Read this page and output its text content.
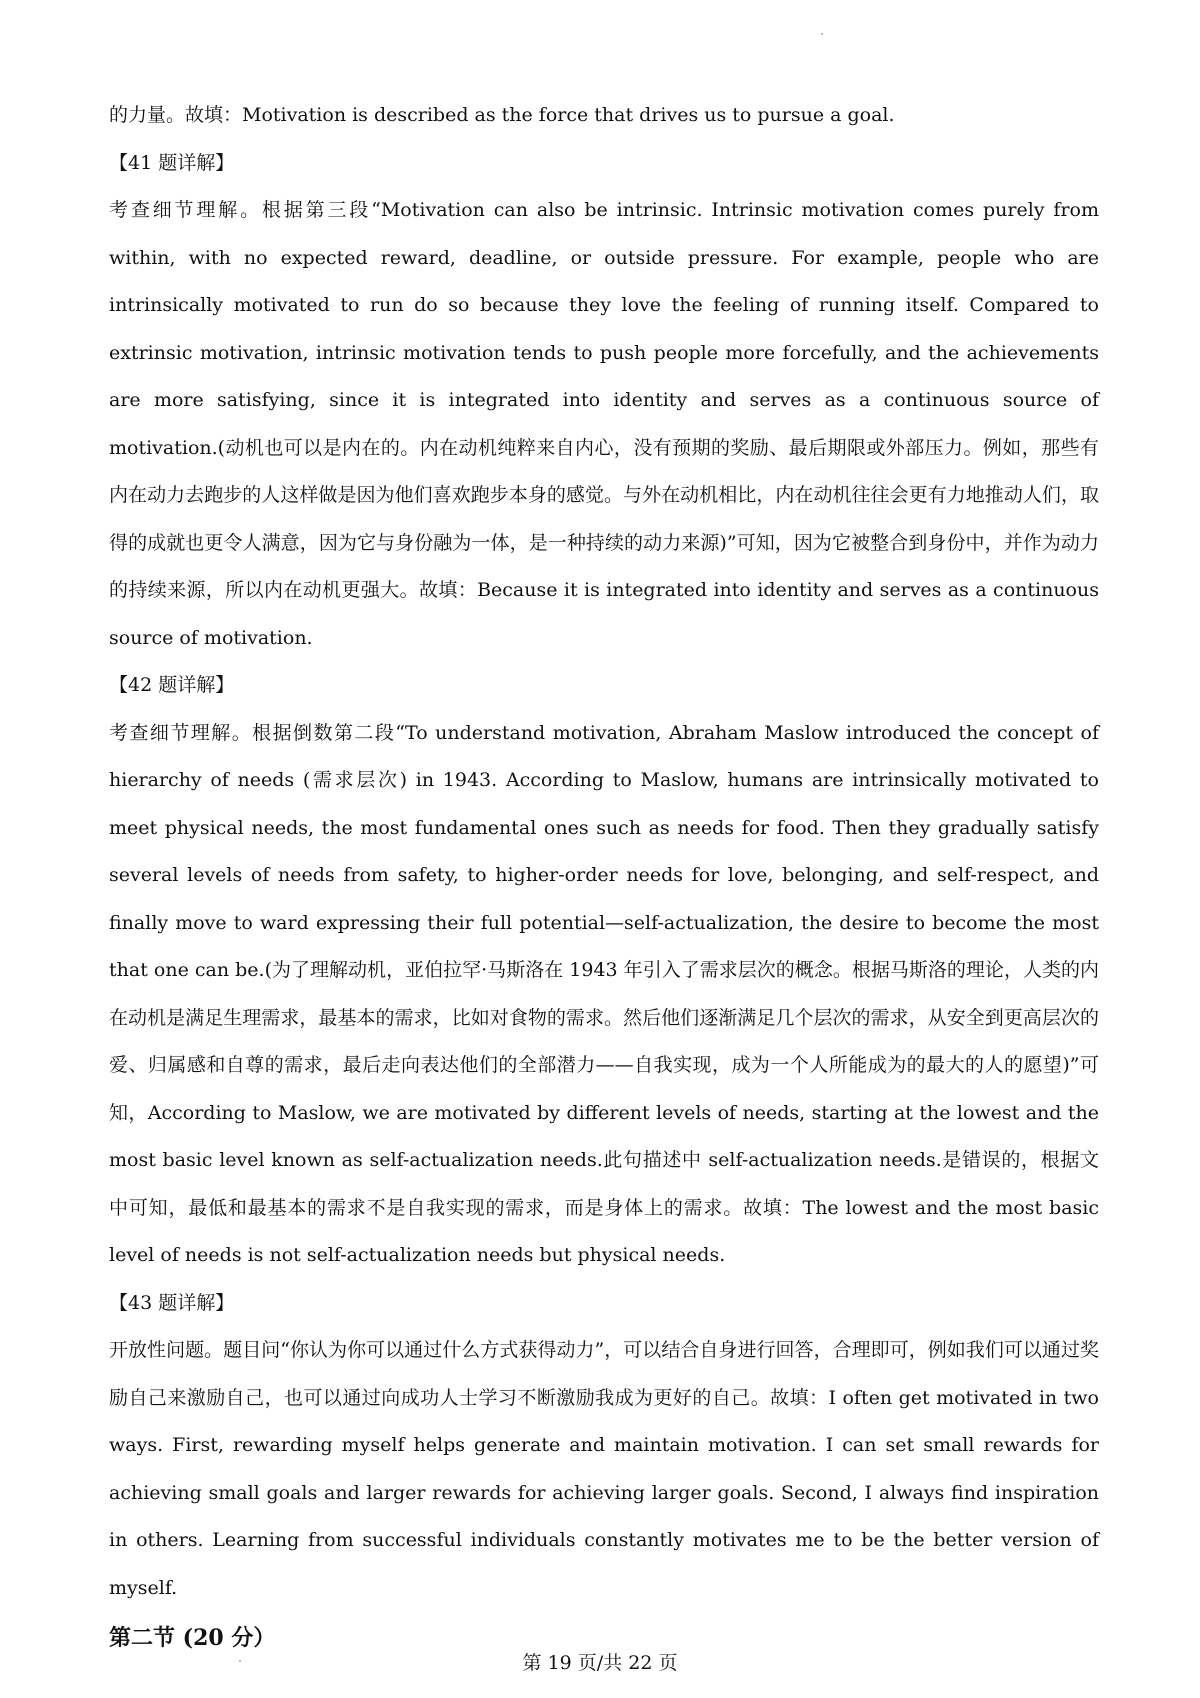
的力量。故填：Motivation is described as the force that drives us to pursue a goal.

【41 题详解】

考查细节理解。根据第三段“Motivation can also be intrinsic. Intrinsic motivation comes purely from within, with no expected reward, deadline, or outside pressure. For example, people who are intrinsically motivated to run do so because they love the feeling of running itself. Compared to extrinsic motivation, intrinsic motivation tends to push people more forcefully, and the achievements are more satisfying, since it is integrated into identity and serves as a continuous source of motivation.(动机也可以是内在的。内在动机纯粹来自内心，没有预期的奖励、最后期限或外部压力。例如，那些有内在动力去跑步的人这样做是因为他们喜欢跑步本身的感觉。与外在动机相比，内在动机往往会更有力地推动人们，取得的成就也更令人满意，因为它与身份融为一体，是一种持续的动力来源)”可知，因为它被整合到身份中，并作为动力的持续来源，所以内在动机更强大。故填：Because it is integrated into identity and serves as a continuous source of motivation.

【42 题详解】

考查细节理解。根据倒数第二段“To understand motivation, Abraham Maslow introduced the concept of hierarchy of needs (需求层次) in 1943. According to Maslow, humans are intrinsically motivated to meet physical needs, the most fundamental ones such as needs for food. Then they gradually satisfy several levels of needs from safety, to higher-order needs for love, belonging, and self-respect, and finally move to ward expressing their full potential—self-actualization, the desire to become the most that one can be.(为了理解动机，亚伯拉罕·马斯洛在 1943 年引入了需求层次的概念。根据马斯洛的理论，人类的内在动机是满足生理需求，最基本的需求，比如对食物的需求。然后他们逐渐满足几个层次的需求，从安全到更高层次的爱、归属感和自尊的需求，最后走向表达他们的全部潜力——自我实现，成为一个人所能成为的最大的人的愿望)”可知，According to Maslow, we are motivated by different levels of needs, starting at the lowest and the most basic level known as self-actualization needs.此句描述中 self-actualization needs.是错误的，根据文中可知，最低和最基本的需求不是自我实现的需求，而是身体上的需求。故填：The lowest and the most basic level of needs is not self-actualization needs but physical needs.

【43 题详解】

开放性问题。题目问“你认为你可以通过什么方式获得动力”，可以结合自身进行回答，合理即可，例如我们可以通过奖励自己来激励自己，也可以通过向成功人士学习不断激励我成为更好的自己。故填：I often get motivated in two ways. First, rewarding myself helps generate and maintain motivation. I can set small rewards for achieving small goals and larger rewards for achieving larger goals. Second, I always find inspiration in others. Learning from successful individuals constantly motivates me to be the better version of myself.

第二节 (20 分）
第 19 页/共 22 页
